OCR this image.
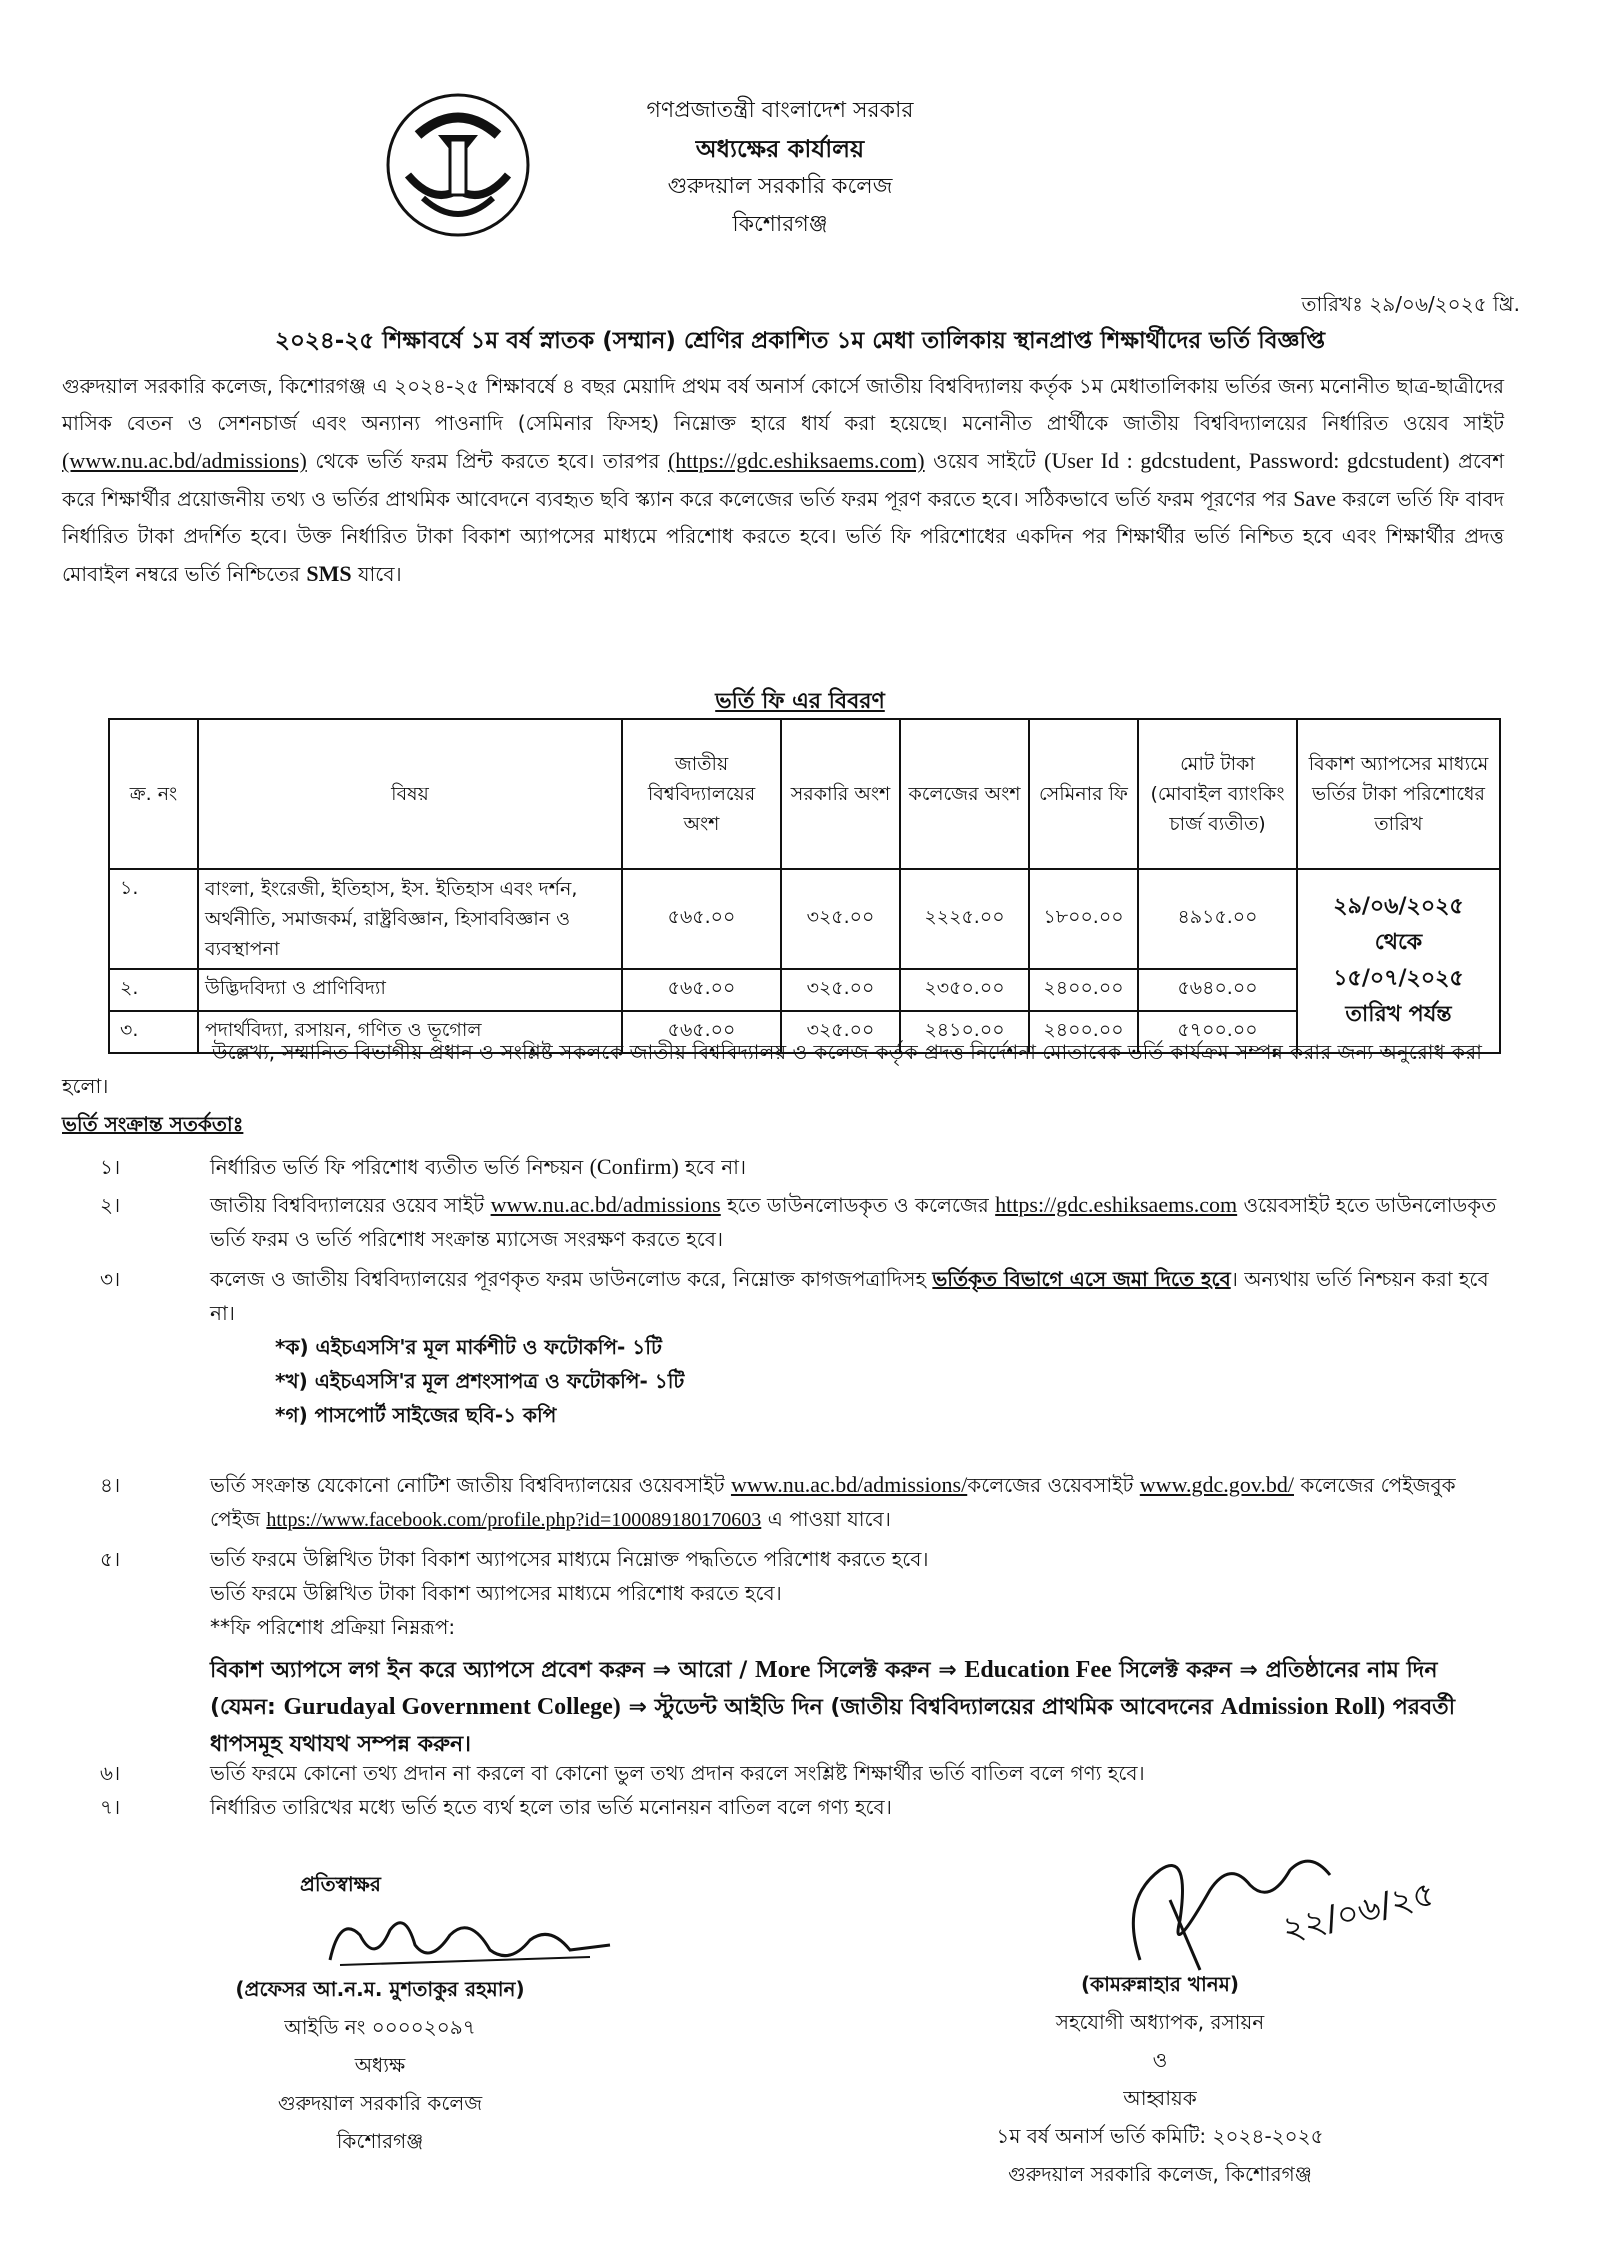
গণপ্রজাতন্ত্রী বাংলাদেশ সরকার
অধ্যক্ষের কার্যালয়
গুরুদয়াল সরকারি কলেজ
কিশোরগঞ্জ
তারিখঃ ২৯/০৬/২০২৫ খ্রি.
২০২৪-২৫ শিক্ষাবর্ষে ১ম বর্ষ স্নাতক (সম্মান) শ্রেণির প্রকাশিত ১ম মেধা তালিকায় স্থানপ্রাপ্ত শিক্ষার্থীদের ভর্তি বিজ্ঞপ্তি
গুরুদয়াল সরকারি কলেজ, কিশোরগঞ্জ এ ২০২৪-২৫ শিক্ষাবর্ষে ৪ বছর মেয়াদি প্রথম বর্ষ অনার্স কোর্সে জাতীয় বিশ্ববিদ্যালয় কর্তৃক ১ম মেধাতালিকায় ভর্তির জন্য মনোনীত ছাত্র-ছাত্রীদের মাসিক বেতন ও সেশনচার্জ এবং অন্যান্য পাওনাদি (সেমিনার ফিসহ) নিম্নোক্ত হারে ধার্য করা হয়েছে। মনোনীত প্রার্থীকে জাতীয় বিশ্ববিদ্যালয়ের নির্ধারিত ওয়েব সাইট (www.nu.ac.bd/admissions) থেকে ভর্তি ফরম প্রিন্ট করতে হবে। তারপর (https://gdc.eshiksaems.com) ওয়েব সাইটে (User Id : gdcstudent, Password: gdcstudent) প্রবেশ করে শিক্ষার্থীর প্রয়োজনীয় তথ্য ও ভর্তির প্রাথমিক আবেদনে ব্যবহৃত ছবি স্ক্যান করে কলেজের ভর্তি ফরম পূরণ করতে হবে। সঠিকভাবে ভর্তি ফরম পূরণের পর Save করলে ভর্তি ফি বাবদ নির্ধারিত টাকা প্রদর্শিত হবে। উক্ত নির্ধারিত টাকা বিকাশ অ্যাপসের মাধ্যমে পরিশোধ করতে হবে। ভর্তি ফি পরিশোধের একদিন পর শিক্ষার্থীর ভর্তি নিশ্চিত হবে এবং শিক্ষার্থীর প্রদত্ত মোবাইল নম্বরে ভর্তি নিশ্চিতের SMS যাবে।
ভর্তি ফি এর বিবরণ
ক্র. নং	বিষয়	জাতীয় বিশ্ববিদ্যালয়ের অংশ	সরকারি অংশ	কলেজের অংশ	সেমিনার ফি	মোট টাকা (মোবাইল ব্যাংকিং চার্জ ব্যতীত)	বিকাশ অ্যাপসের মাধ্যমে ভর্তির টাকা পরিশোধের তারিখ
১.	বাংলা, ইংরেজী, ইতিহাস, ইস. ইতিহাস এবং দর্শন, অর্থনীতি, সমাজকর্ম, রাষ্ট্রবিজ্ঞান, হিসাববিজ্ঞান ও ব্যবস্থাপনা	৫৬৫.০০	৩২৫.০০	২২২৫.০০	১৮০০.০০	৪৯১৫.০০	২৯/০৬/২০২৫
থেকে
১৫/০৭/২০২৫
তারিখ পর্যন্ত

২.	উদ্ভিদবিদ্যা ও প্রাণিবিদ্যা	৫৬৫.০০	৩২৫.০০	২৩৫০.০০	২৪০০.০০	৫৬৪০.০০	
৩.	পদার্থবিদ্যা, রসায়ন, গণিত ও ভূগোল	৫৬৫.০০	৩২৫.০০	২৪১০.০০	২৪০০.০০	৫৭০০.০০	
উল্লেখ্য, সম্মানিত বিভাগীয় প্রধান ও সংশ্লিষ্ট সকলকে জাতীয় বিশ্ববিদ্যালয় ও কলেজ কর্তৃক প্রদত্ত নির্দেশনা মোতাবেক ভর্তি কার্যক্রম সম্পন্ন করার জন্য অনুরোধ করা হলো।
ভর্তি সংক্রান্ত সতর্কতাঃ
১।	নির্ধারিত ভর্তি ফি পরিশোধ ব্যতীত ভর্তি নিশ্চয়ন (Confirm) হবে না।
২।	জাতীয় বিশ্ববিদ্যালয়ের ওয়েব সাইট www.nu.ac.bd/admissions হতে ডাউনলোডকৃত ও কলেজের https://gdc.eshiksaems.com ওয়েবসাইট হতে ডাউনলোডকৃত ভর্তি ফরম ও ভর্তি পরিশোধ সংক্রান্ত ম্যাসেজ সংরক্ষণ করতে হবে।
৩।	কলেজ ও জাতীয় বিশ্ববিদ্যালয়ের পূরণকৃত ফরম ডাউনলোড করে, নিম্নোক্ত কাগজপত্রাদিসহ ভর্তিকৃত বিভাগে এসে জমা দিতে হবে। অন্যথায় ভর্তি নিশ্চয়ন করা হবে না।
*ক) এইচএসসি'র মূল মার্কশীট ও ফটোকপি- ১টি
*খ) এইচএসসি'র মূল প্রশংসাপত্র ও ফটোকপি- ১টি
*গ) পাসপোর্ট সাইজের ছবি-১ কপি
৪।	ভর্তি সংক্রান্ত যেকোনো নোটিশ জাতীয় বিশ্ববিদ্যালয়ের ওয়েবসাইট www.nu.ac.bd/admissions/কলেজের ওয়েবসাইট www.gdc.gov.bd/ কলেজের পেইজবুক পেইজ https://www.facebook.com/profile.php?id=100089180170603 এ পাওয়া যাবে।
৫।	ভর্তি ফরমে উল্লিখিত টাকা বিকাশ অ্যাপসের মাধ্যমে নিম্নোক্ত পদ্ধতিতে পরিশোধ করতে হবে।
ভর্তি ফরমে উল্লিখিত টাকা বিকাশ অ্যাপসের মাধ্যমে পরিশোধ করতে হবে।
**ফি পরিশোধ প্রক্রিয়া নিম্নরূপ:
বিকাশ অ্যাপসে লগ ইন করে অ্যাপসে প্রবেশ করুন ⇒ আরো / More সিলেক্ট করুন ⇒ Education Fee সিলেক্ট করুন ⇒ প্রতিষ্ঠানের নাম দিন (যেমন: Gurudayal Government College) ⇒ স্টুডেন্ট আইডি দিন (জাতীয় বিশ্ববিদ্যালয়ের প্রাথমিক আবেদনের Admission Roll) পরবর্তী ধাপসমূহ যথাযথ সম্পন্ন করুন।
৬।	ভর্তি ফরমে কোনো তথ্য প্রদান না করলে বা কোনো ভুল তথ্য প্রদান করলে সংশ্লিষ্ট শিক্ষার্থীর ভর্তি বাতিল বলে গণ্য হবে।
৭।	নির্ধারিত তারিখের মধ্যে ভর্তি হতে ব্যর্থ হলে তার ভর্তি মনোনয়ন বাতিল বলে গণ্য হবে।
প্রতিস্বাক্ষর
(প্রফেসর আ.ন.ম. মুশতাকুর রহমান)
আইডি নং ০০০০২০৯৭
অধ্যক্ষ
গুরুদয়াল সরকারি কলেজ
কিশোরগঞ্জ
২২/০৬/২৫
(কামরুন্নাহার খানম)
সহযোগী অধ্যাপক, রসায়ন
ও
আহ্বায়ক
১ম বর্ষ অনার্স ভর্তি কমিটি: ২০২৪-২০২৫
গুরুদয়াল সরকারি কলেজ, কিশোরগঞ্জ
